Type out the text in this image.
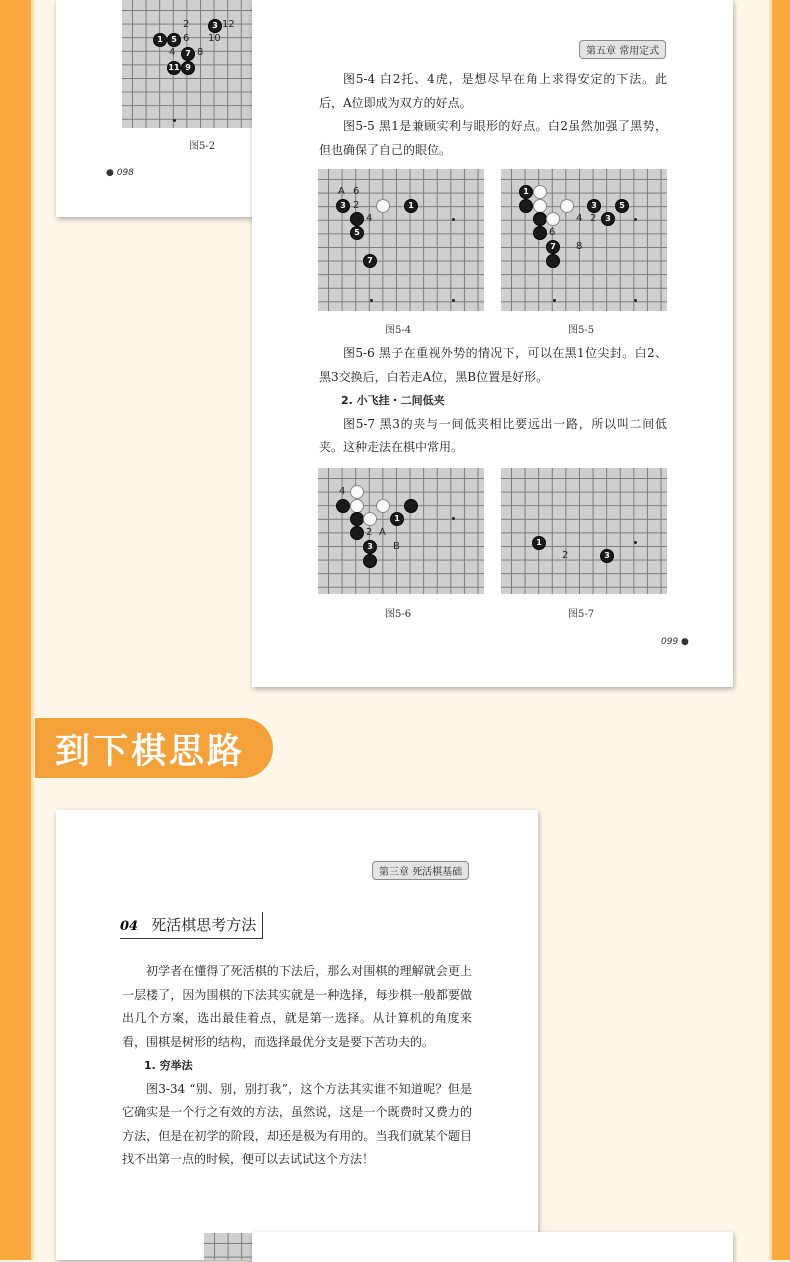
2	3 12
1	5 6 10
4	7 8
11 9
图5-2
● 098
第五章 常用定式

图5-4 白2托、4虎，是想尽早在角上求得安定的下法。此后，A位即成为双方的好点。

图5-5 黑1是兼顾实利与眼形的好点。白2虽然加强了黑势，但也确保了自己的眼位。

A 6
3 2	1
4
5
7
图5-4
1
3	5
4 2	3
6
7	8
图5-5

图5-6 黑子在重视外势的情况下，可以在黑1位尖封。白2、黑3交换后，白若走A位，黑B位置是好形。

2. 小飞挂・二间低夹

图5-7 黑3的夹与一间低夹相比要远出一路，所以叫二间低夹。这种走法在棋中常用。

4
1
2 A
3	B
图5-6
1
2	3
图5-7
099 ●
到下棋思路
第三章 死活棋基础
04 死活棋思考方法

初学者在懂得了死活棋的下法后，那么对围棋的理解就会更上一层楼了，因为围棋的下法其实就是一种选择，每步棋一般都要做出几个方案，选出最佳着点，就是第一选择。从计算机的角度来看，围棋是树形的结构，而选择最优分支是要下苦功夫的。

1. 穷举法

图3-34 “别、别，别打我”，这个方法其实谁不知道呢？但是它确实是一个行之有效的方法，虽然说，这是一个既费时又费力的方法，但是在初学的阶段，却还是极为有用的。当我们就某个题目找不出第一点的时候，便可以去试试这个方法！
